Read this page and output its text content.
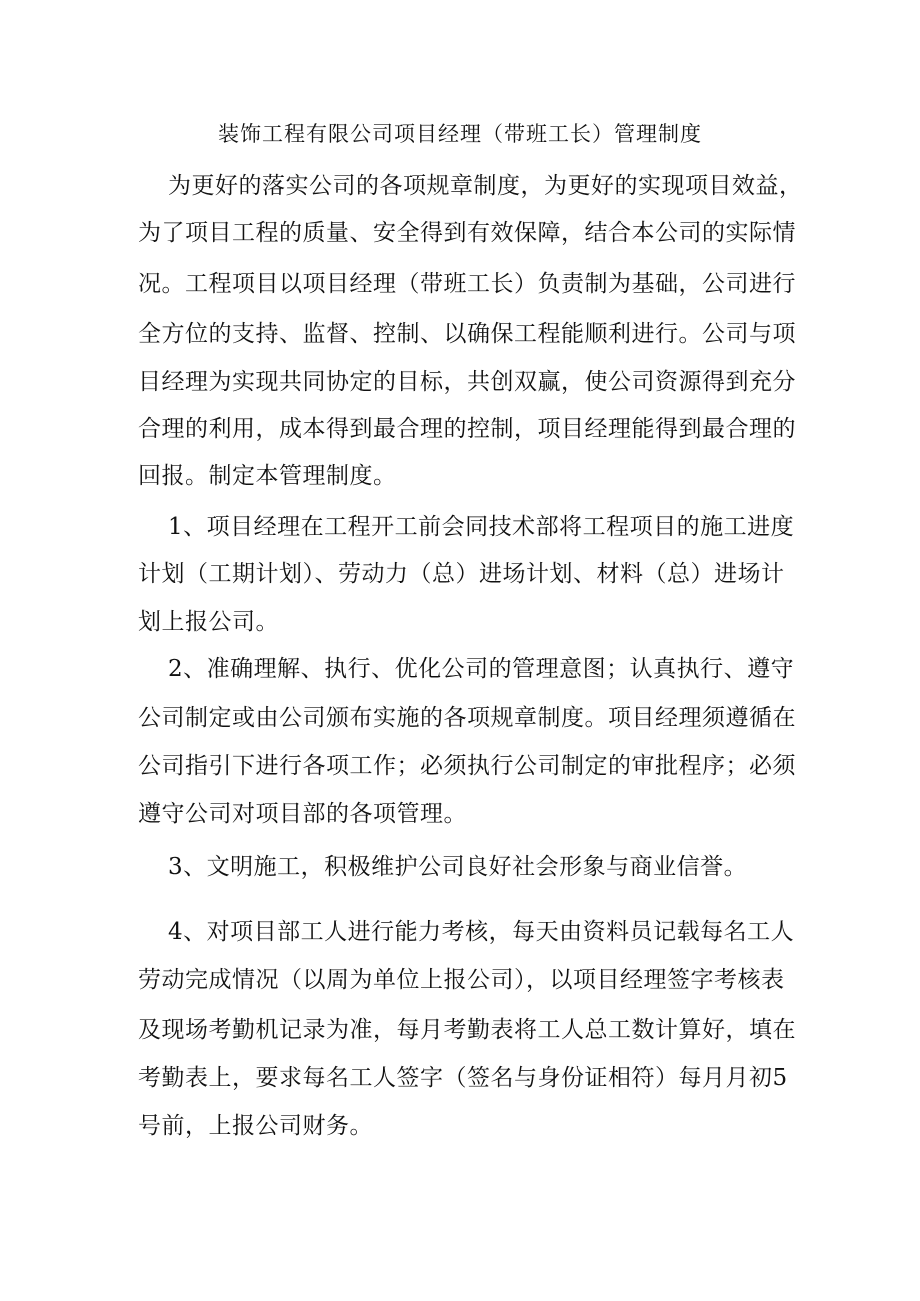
装饰工程有限公司项目经理（带班工长）管理制度
为更好的落实公司的各项规章制度，为更好的实现项目效益，
为了项目工程的质量、安全得到有效保障，结合本公司的实际情
况。工程项目以项目经理（带班工长）负责制为基础，公司进行
全方位的支持、监督、控制、以确保工程能顺利进行。公司与项
目经理为实现共同协定的目标，共创双赢，使公司资源得到充分
合理的利用，成本得到最合理的控制，项目经理能得到最合理的
回报。制定本管理制度。
1、项目经理在工程开工前会同技术部将工程项目的施工进度
计划（工期计划）、劳动力（总）进场计划、材料（总）进场计
划上报公司。
2、准确理解、执行、优化公司的管理意图；认真执行、遵守
公司制定或由公司颁布实施的各项规章制度。项目经理须遵循在
公司指引下进行各项工作；必须执行公司制定的审批程序；必须
遵守公司对项目部的各项管理。
3、文明施工，积极维护公司良好社会形象与商业信誉。
4、对项目部工人进行能力考核，每天由资料员记载每名工人
劳动完成情况（以周为单位上报公司），以项目经理签字考核表
及现场考勤机记录为准，每月考勤表将工人总工数计算好，填在
考勤表上，要求每名工人签字（签名与身份证相符）每月月初5
号前，上报公司财务。
